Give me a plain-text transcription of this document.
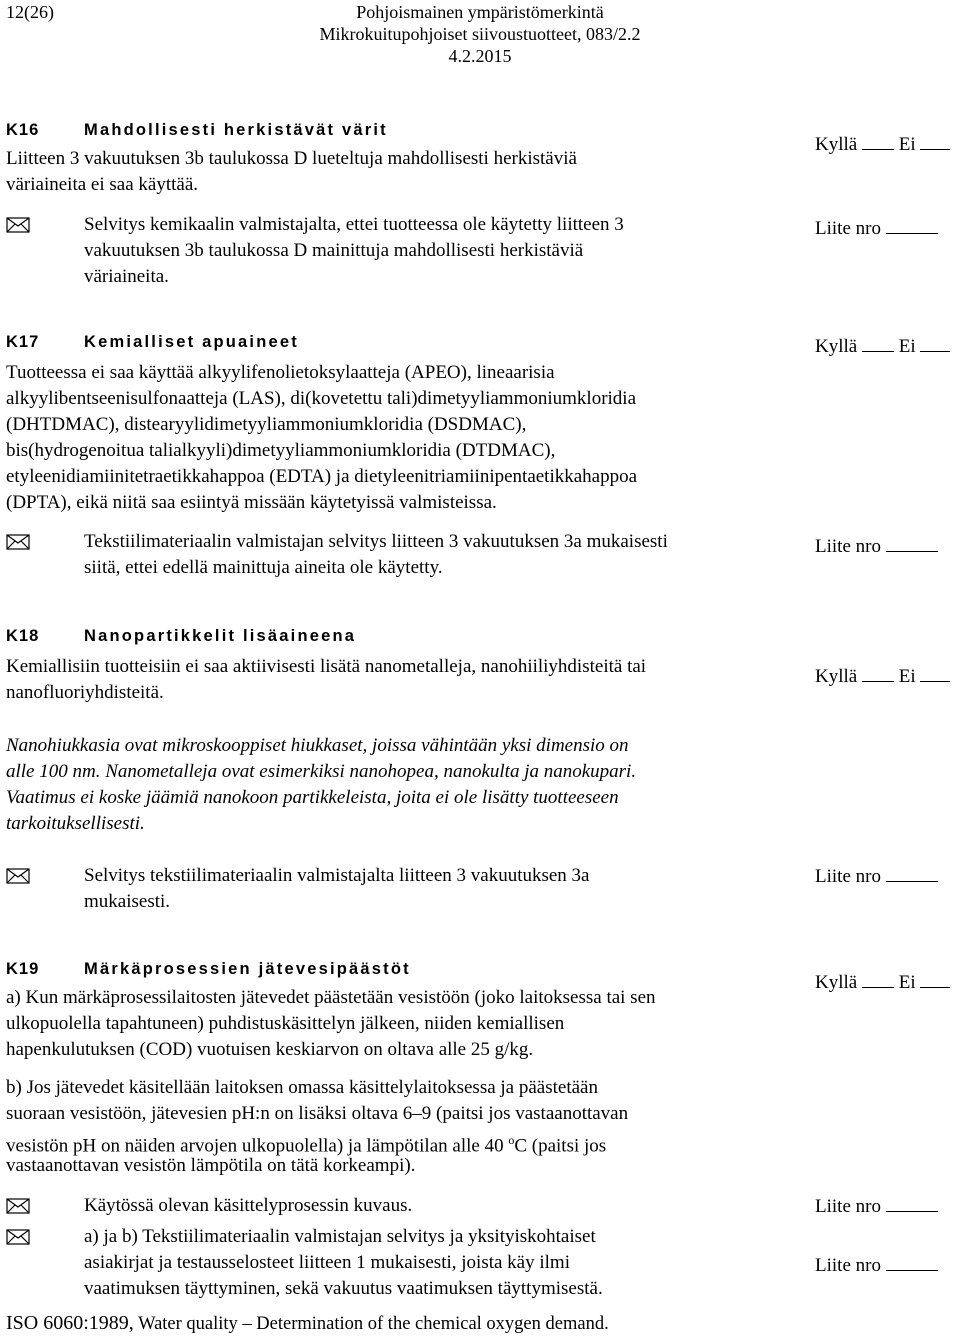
12(26)	Pohjoismainen ympäristömerkintä
Mikrokuitupohjoiset siivoustuotteet, 083/2.2
4.2.2015
K16	Mahdollisesti herkistävät värit
Liitteen 3 vakuutuksen 3b taulukossa D lueteltuja mahdollisesti herkistäviä
väriaineita ei saa käyttää.
Kyllä Ei
Selvitys kemikaalin valmistajalta, ettei tuotteessa ole käytetty liitteen 3
vakuutuksen 3b taulukossa D mainittuja mahdollisesti herkistäviä
väriaineita.
Liite nro
K17	Kemialliset apuaineet	Kyllä Ei
Tuotteessa ei saa käyttää alkyylifenolietoksylaatteja (APEO), lineaarisia
alkyylibentseenisulfonaatteja (LAS), di(kovetettu tali)dimetyyliammoniumkloridia
(DHTDMAC), distearyylidimetyyliammoniumkloridia (DSDMAC),
bis(hydrogenoitua talialkyyli)dimetyyliammoniumkloridia (DTDMAC),
etyleenidiamiinitetraetikkahappoa (EDTA) ja dietyleenitriamiinipentaetikkahappoa
(DPTA), eikä niitä saa esiintyä missään käytetyissä valmisteissa.
Tekstiilimateriaalin valmistajan selvitys liitteen 3 vakuutuksen 3a mukaisesti
siitä, ettei edellä mainittuja aineita ole käytetty.
Liite nro
K18	Nanopartikkelit lisäaineena
Kemiallisiin tuotteisiin ei saa aktiivisesti lisätä nanometalleja, nanohiiliyhdisteitä tai
nanofluoriyhdisteitä.
Kyllä Ei
Nanohiukkasia ovat mikroskooppiset hiukkaset, joissa vähintään yksi dimensio on
alle 100 nm. Nanometalleja ovat esimerkiksi nanohopea, nanokulta ja nanokupari.
Vaatimus ei koske jäämiä nanokoon partikkeleista, joita ei ole lisätty tuotteeseen
tarkoituksellisesti.
Selvitys tekstiilimateriaalin valmistajalta liitteen 3 vakuutuksen 3a
mukaisesti.
Liite nro
K19	Märkäprosessien jätevesipäästöt
Kyllä Ei
a) Kun märkäprosessilaitosten jätevedet päästetään vesistöön (joko laitoksessa tai sen
ulkopuolella tapahtuneen) puhdistuskäsittelyn jälkeen, niiden kemiallisen
hapenkulutuksen (COD) vuotuisen keskiarvon on oltava alle 25 g/kg.
b) Jos jätevedet käsitellään laitoksen omassa käsittelylaitoksessa ja päästetään
suoraan vesistöön, jätevesien pH:n on lisäksi oltava 6–9 (paitsi jos vastaanottavan
vesistön pH on näiden arvojen ulkopuolella) ja lämpötilan alle 40 $^o$C (paitsi jos
vastaanottavan vesistön lämpötila on tätä korkeampi).
Käytössä olevan käsittelyprosessin kuvaus.	Liite nro
a) ja b) Tekstiilimateriaalin valmistajan selvitys ja yksityiskohtaiset
asiakirjat ja testausselosteet liitteen 1 mukaisesti, joista käy ilmi
vaatimuksen täyttyminen, sekä vakuutus vaatimuksen täyttymisestä.
Liite nro
ISO 6060:1989, Water quality – Determination of the chemical oxygen demand.
